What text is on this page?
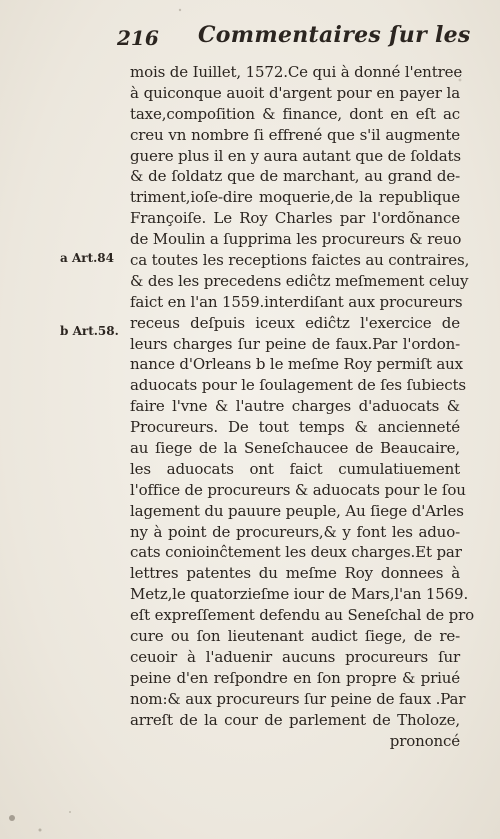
216 Commentaires ſur les
a Art.84
b Art.58.
mois de Iuillet, 1572.Ce qui à donné l'entree
à quiconque auoit d'argent pour en payer la
taxe,compoſition & finance, dont en eſt ac
creu vn nombre ſi effrené que s'il augmente
guere plus il en y aura autant que de ſoldats
& de ſoldatz que de marchant, au grand de-
triment,ioſe-dire moquerie,de la republique
Françoiſe. Le Roy Charles par l'ordõnance
de Moulin a ſupprima les procureurs & reuo
ca toutes les receptions faictes au contraires,
& des les precedens ediĉtz meſmement celuy
faict en l'an 1559.interdiſant aux procureurs
receus deſpuis iceux ediĉtz l'exercice de
leurs charges ſur peine de faux.Par l'ordon-
nance d'Orleans b le meſme Roy permiſt aux
aduocats pour le ſoulagement de ſes ſubiects
faire l'vne & l'autre charges d'aduocats &
Procureurs. De tout temps & ancienneté
au ſiege de la Seneſchaucee de Beaucaire,
les aduocats ont faict cumulatiuement
l'office de procureurs & aduocats pour le ſou
lagement du pauure peuple, Au ſiege d'Arles
ny à point de procureurs,& y font les aduo-
cats conioinĉtement les deux charges.Et par
lettres patentes du meſme Roy donnees à
Metz,le quatorzieſme iour de Mars,l'an 1569.
eſt expreſſement defendu au Seneſchal de pro
cure ou ſon lieutenant audict ſiege, de re-
ceuoir à l'aduenir aucuns procureurs ſur
peine d'en reſpondre en ſon propre & priué
nom:& aux procureurs ſur peine de faux .Par
arreſt de la cour de parlement de Tholoze,
prononcé
